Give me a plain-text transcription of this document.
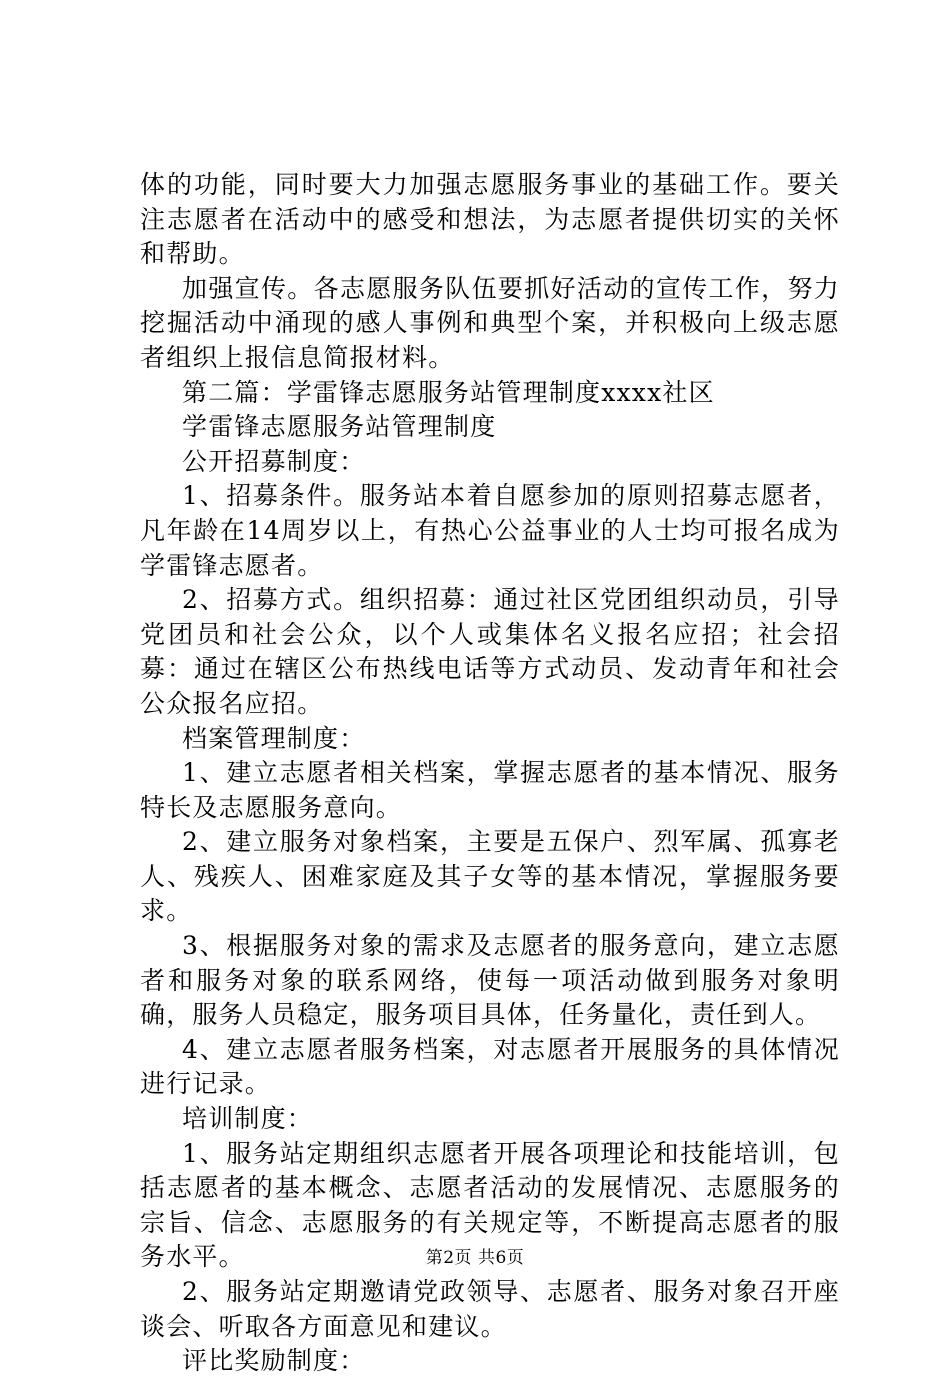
体的功能，同时要大力加强志愿服务事业的基础工作。要关注志愿者在活动中的感受和想法，为志愿者提供切实的关怀和帮助。

加强宣传。各志愿服务队伍要抓好活动的宣传工作，努力挖掘活动中涌现的感人事例和典型个案，并积极向上级志愿者组织上报信息简报材料。

第二篇：学雷锋志愿服务站管理制度xxxx社区

学雷锋志愿服务站管理制度

公开招募制度：

1、招募条件。服务站本着自愿参加的原则招募志愿者，凡年龄在14周岁以上，有热心公益事业的人士均可报名成为学雷锋志愿者。

2、招募方式。组织招募：通过社区党团组织动员，引导党团员和社会公众，以个人或集体名义报名应招；社会招募：通过在辖区公布热线电话等方式动员、发动青年和社会公众报名应招。

档案管理制度：

1、建立志愿者相关档案，掌握志愿者的基本情况、服务特长及志愿服务意向。

2、建立服务对象档案，主要是五保户、烈军属、孤寡老人、残疾人、困难家庭及其子女等的基本情况，掌握服务要求。

3、根据服务对象的需求及志愿者的服务意向，建立志愿者和服务对象的联系网络，使每一项活动做到服务对象明确，服务人员稳定，服务项目具体，任务量化，责任到人。

4、建立志愿者服务档案，对志愿者开展服务的具体情况进行记录。

培训制度：

1、服务站定期组织志愿者开展各项理论和技能培训，包括志愿者的基本概念、志愿者活动的发展情况、志愿服务的宗旨、信念、志愿服务的有关规定等，不断提高志愿者的服务水平。

2、服务站定期邀请党政领导、志愿者、服务对象召开座谈会、听取各方面意见和建议。

评比奖励制度：

第2页 共6页
